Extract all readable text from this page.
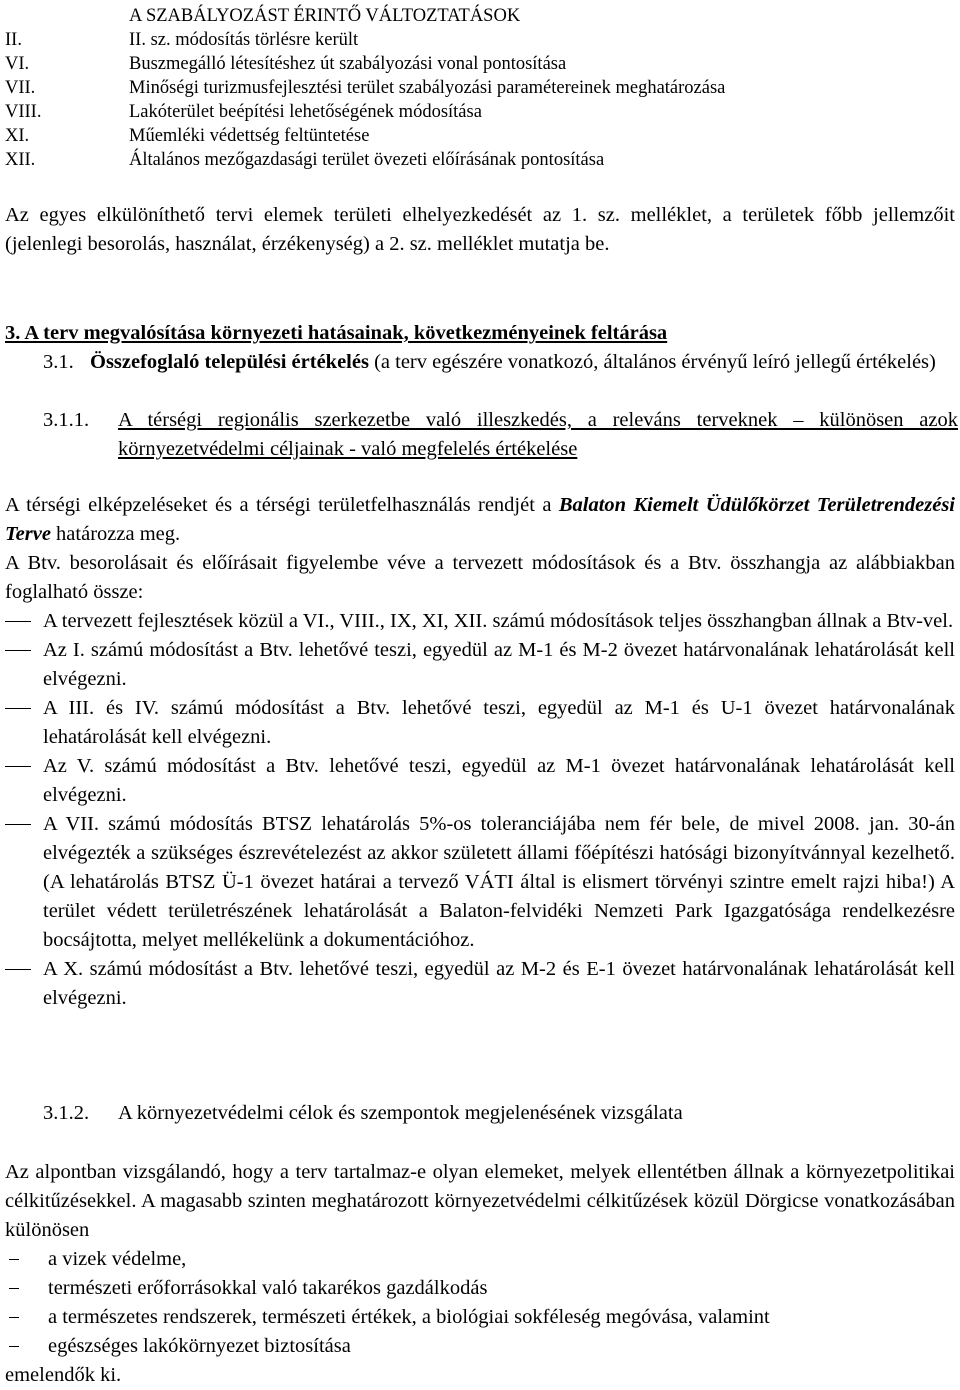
A SZABÁLYOZÁST ÉRINTŐ VÁLTOZTATÁSOK
II.	II. sz. módosítás törlésre került
VI.	Buszmegálló létesítéshez út szabályozási vonal pontosítása
VII.	Minőségi turizmusfejlesztési terület szabályozási paramétereinek meghatározása
VIII.	Lakóterület beépítési lehetőségének módosítása
XI.	Műemléki védettség feltüntetése
XII.	Általános mezőgazdasági terület övezeti előírásának pontosítása
Az egyes elkülöníthető tervi elemek területi elhelyezkedését az 1. sz. melléklet, a területek főbb jellemzőit (jelenlegi besorolás, használat, érzékenység) a 2. sz. melléklet mutatja be.
3. A terv megvalósítása környezeti hatásainak, következményeinek feltárása
3.1. Összefoglaló települési értékelés (a terv egészére vonatkozó, általános érvényű leíró jellegű értékelés)
3.1.1. A térségi regionális szerkezetbe való illeszkedés, a releváns terveknek – különösen azok környezetvédelmi céljainak - való megfelelés értékelése
A térségi elképzeléseket és a térségi területfelhasználás rendjét a Balaton Kiemelt Üdülőkörzet Területrendezési Terve határozza meg.
A Btv. besorolásait és előírásait figyelembe véve a tervezett módosítások és a Btv. összhangja az alábbiakban foglalható össze:
A tervezett fejlesztések közül a VI., VIII., IX, XI, XII. számú módosítások teljes összhangban állnak a Btv-vel.
Az I. számú módosítást a Btv. lehetővé teszi, egyedül az M-1 és M-2 övezet határvonalának lehatárolását kell elvégezni.
A III. és IV. számú módosítást a Btv. lehetővé teszi, egyedül az M-1 és U-1 övezet határvonalának lehatárolását kell elvégezni.
Az V. számú módosítást a Btv. lehetővé teszi, egyedül az M-1 övezet határvonalának lehatárolását kell elvégezni.
A VII. számú módosítás BTSZ lehatárolás 5%-os toleranciájába nem fér bele, de mivel 2008. jan. 30-án elvégezték a szükséges észrevételezést az akkor született állami főépítészi hatósági bizonyítvánnyal kezelhető. (A lehatárolás BTSZ Ü-1 övezet határai a tervező VÁTI által is elismert törvényi szintre emelt rajzi hiba!) A terület védett területrészének lehatárolását a Balaton-felvidéki Nemzeti Park Igazgatósága rendelkezésre bocsájtotta, melyet mellékelünk a dokumentációhoz.
A X. számú módosítást a Btv. lehetővé teszi, egyedül az M-2 és E-1 övezet határvonalának lehatárolását kell elvégezni.
3.1.2. A környezetvédelmi célok és szempontok megjelenésének vizsgálata
Az alpontban vizsgálandó, hogy a terv tartalmaz-e olyan elemeket, melyek ellentétben állnak a környezetpolitikai célkitűzésekkel. A magasabb szinten meghatározott környezetvédelmi célkitűzések közül Dörgicse vonatkozásában különösen
a vizek védelme,
természeti erőforrásokkal való takarékos gazdálkodás
a természetes rendszerek, természeti értékek, a biológiai sokféleség megóvása, valamint
egészséges lakókörnyezet biztosítása
emelendők ki.
